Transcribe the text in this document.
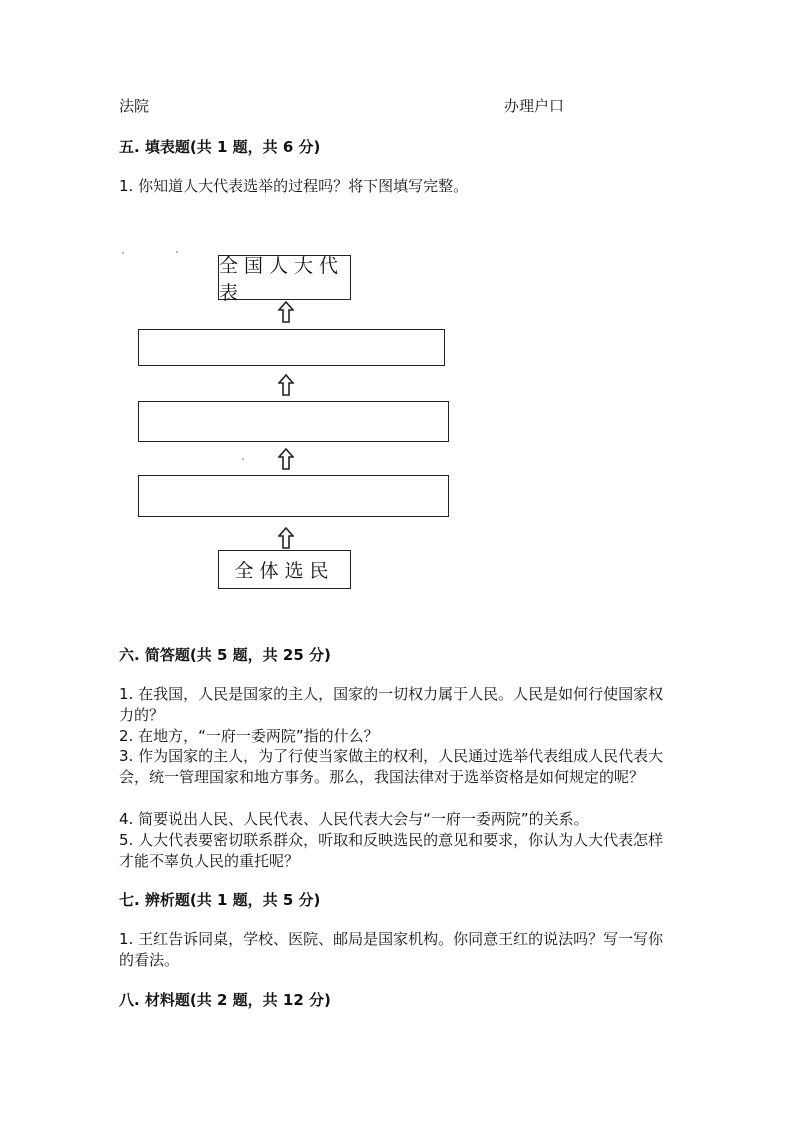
法院	办理户口
五. 填表题(共 1 题，共 6 分)
1. 你知道人大代表选举的过程吗？将下图填写完整。
全国人大代表
全体选民
六. 简答题(共 5 题，共 25 分)
1. 在我国，人民是国家的主人，国家的一切权力属于人民。人民是如何行使国家权力的？
2. 在地方，“一府一委两院”指的什么？
3. 作为国家的主人，为了行使当家做主的权利，人民通过选举代表组成人民代表大会，统一管理国家和地方事务。那么，我国法律对于选举资格是如何规定的呢？
4. 简要说出人民、人民代表、人民代表大会与“一府一委两院”的关系。
5. 人大代表要密切联系群众，听取和反映选民的意见和要求，你认为人大代表怎样才能不辜负人民的重托呢？
七. 辨析题(共 1 题，共 5 分)
1. 王红告诉同桌，学校、医院、邮局是国家机构。你同意王红的说法吗？写一写你的看法。
八. 材料题(共 2 题，共 12 分)
